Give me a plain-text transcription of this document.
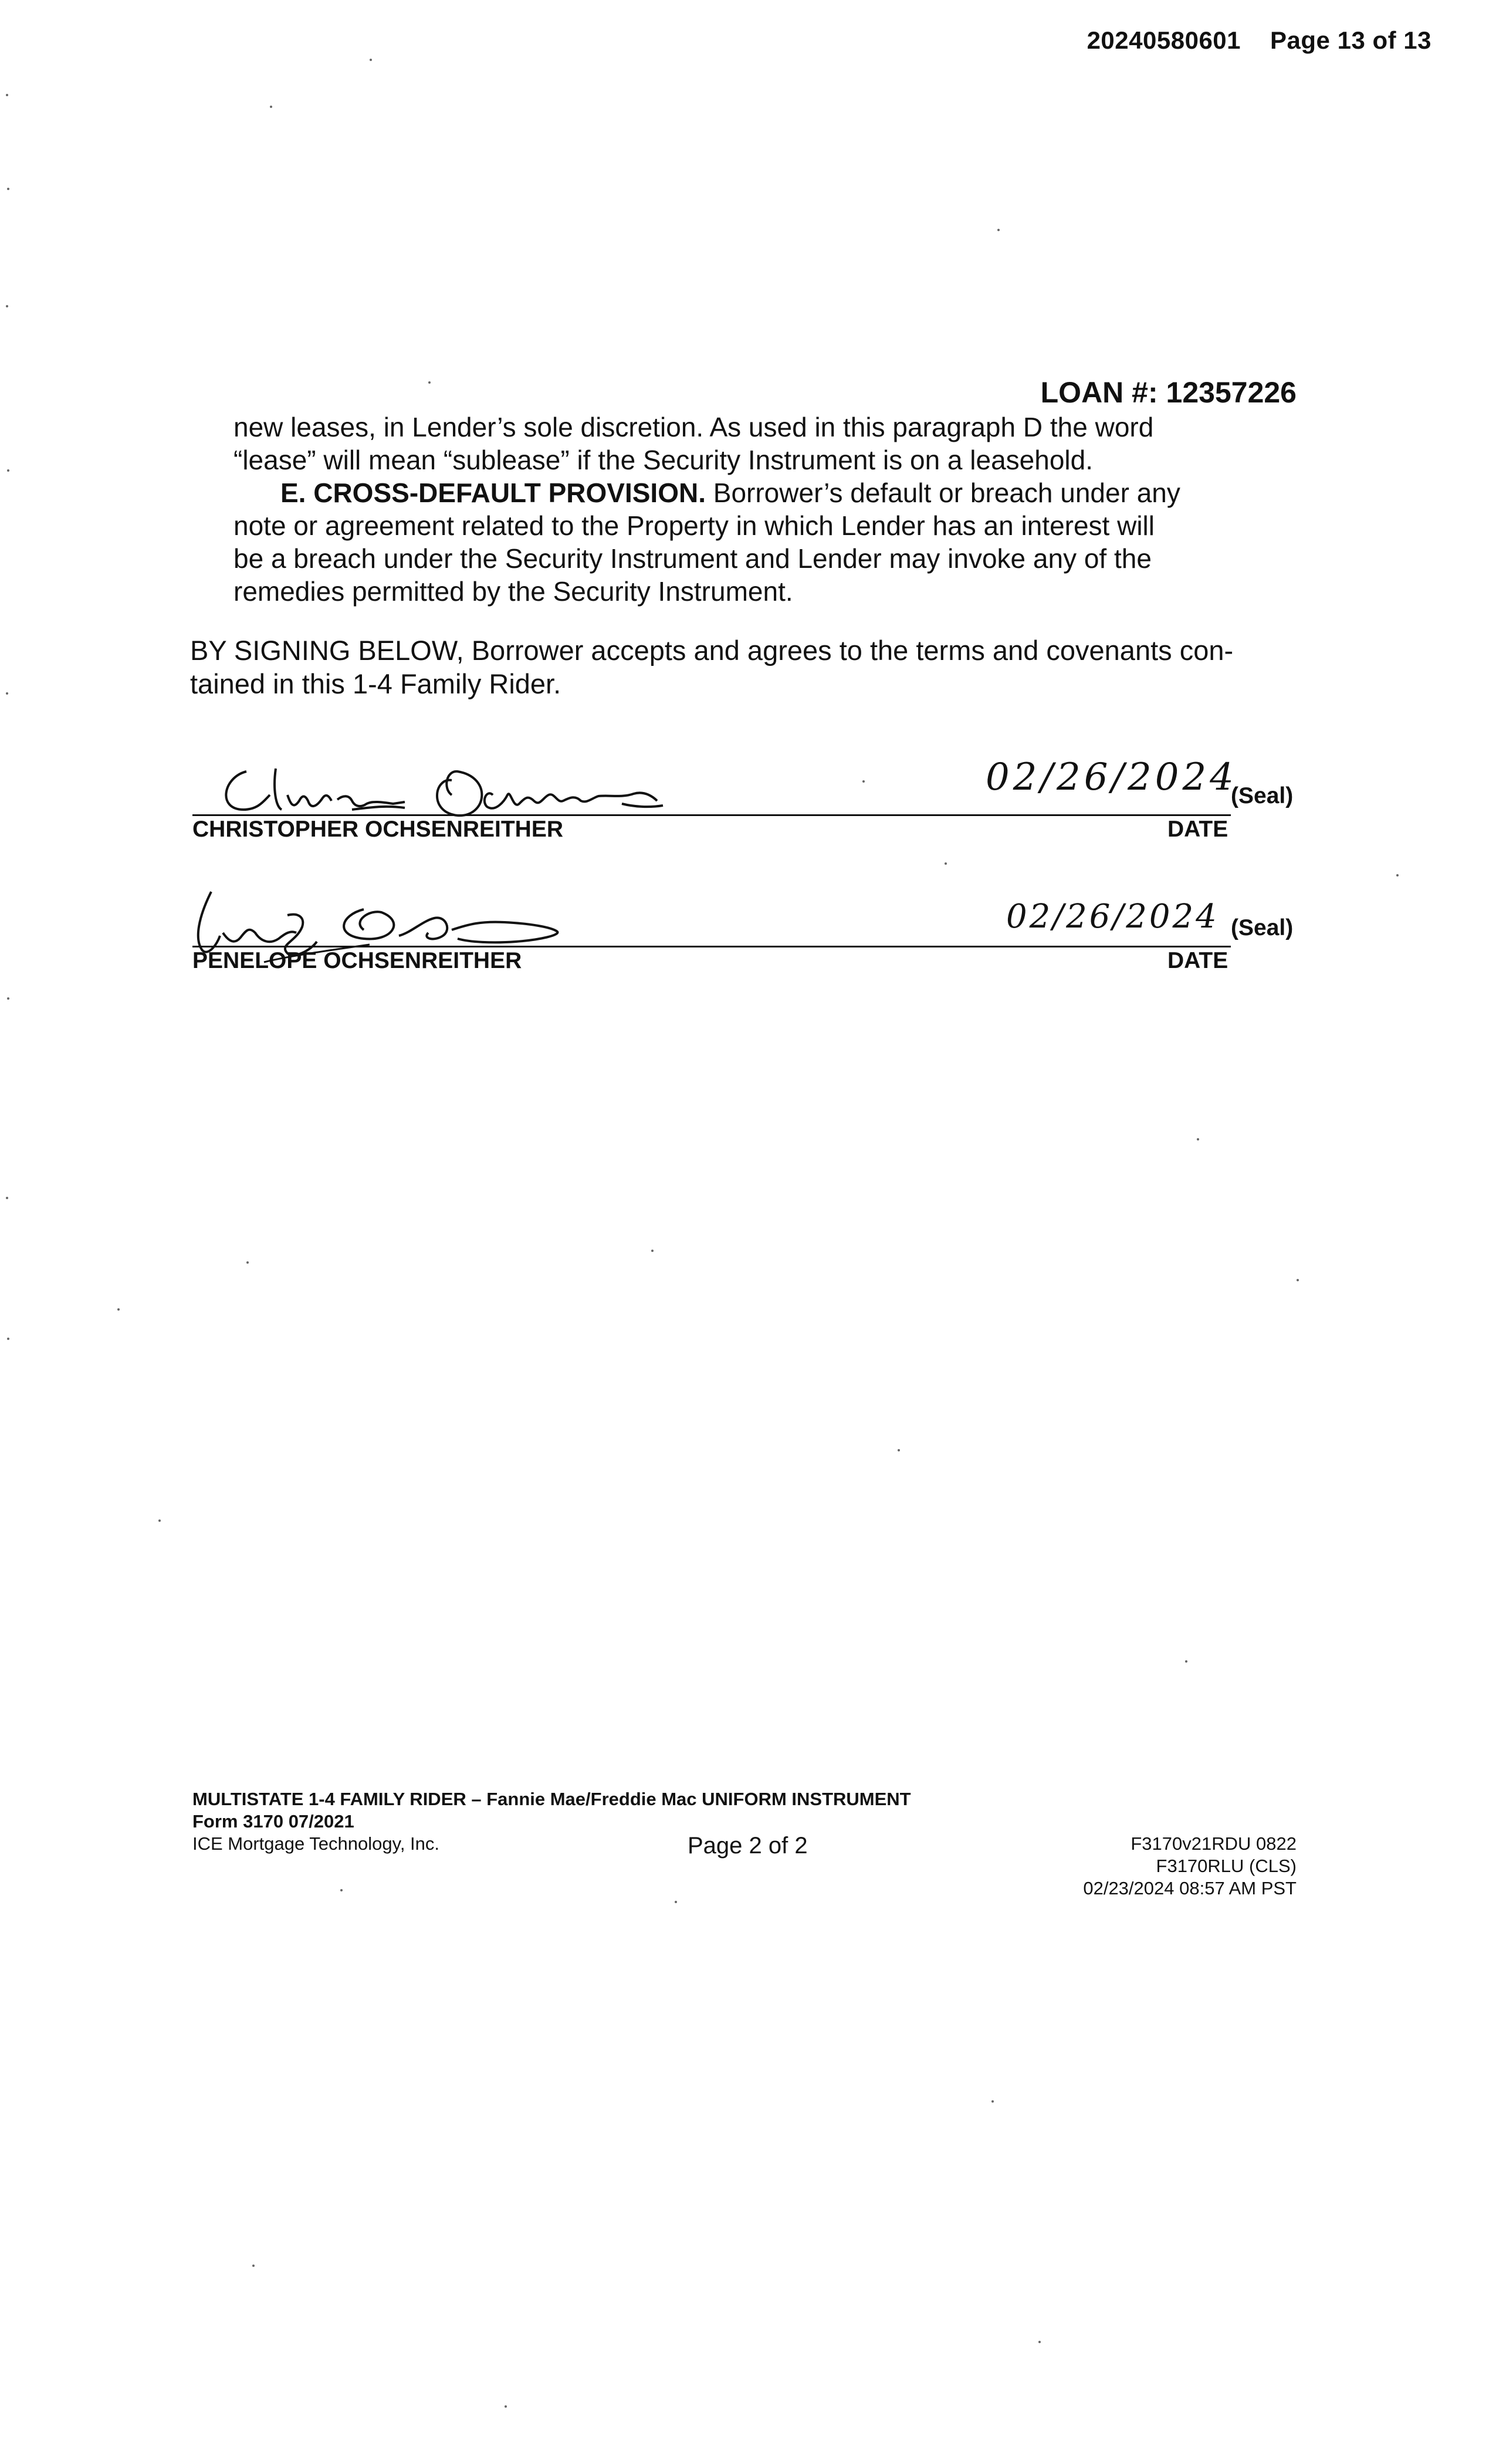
20240580601 Page 13 of 13
LOAN #: 12357226
new leases, in Lender’s sole discretion. As used in this paragraph D the word
“lease” will mean “sublease” if the Security Instrument is on a leasehold.
E. CROSS-DEFAULT PROVISION. Borrower’s default or breach under any
note or agreement related to the Property in which Lender has an interest will
be a breach under the Security Instrument and Lender may invoke any of the
remedies permitted by the Security Instrument.
BY SIGNING BELOW, Borrower accepts and agrees to the terms and covenants con-
tained in this 1-4 Family Rider.
02/26/2024
(Seal)
CHRISTOPHER OCHSENREITHER	DATE
02/26/2024 (Seal)
PENELOPE OCHSENREITHER	DATE
MULTISTATE 1-4 FAMILY RIDER – Fannie Mae/Freddie Mac UNIFORM INSTRUMENT
Form 3170 07/2021
ICE Mortgage Technology, Inc.	Page 2 of 2	F3170v21RDU 0822
F3170RLU (CLS)
02/23/2024 08:57 AM PST
